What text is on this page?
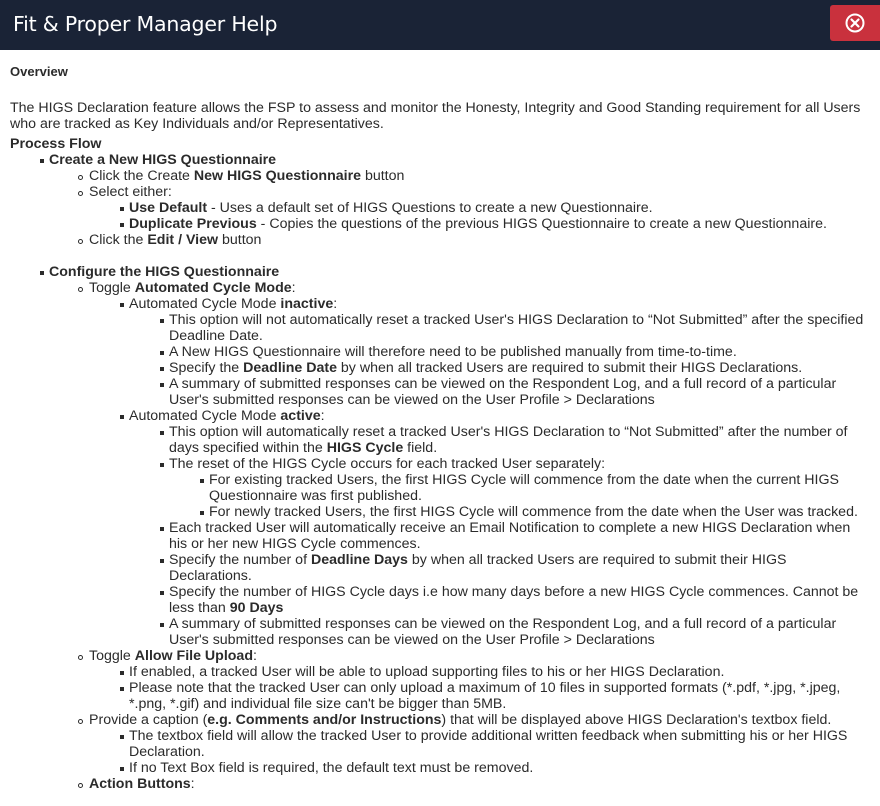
Fit & Proper Manager Help
Overview
The HIGS Declaration feature allows the FSP to assess and monitor the Honesty, Integrity and Good Standing requirement for all Users who are tracked as Key Individuals and/or Representatives.
Process Flow
Create a New HIGS Questionnaire
Click the Create New HIGS Questionnaire button
Select either:
Use Default - Uses a default set of HIGS Questions to create a new Questionnaire.
Duplicate Previous - Copies the questions of the previous HIGS Questionnaire to create a new Questionnaire.
Click the Edit / View button
Configure the HIGS Questionnaire
Toggle Automated Cycle Mode:
Automated Cycle Mode inactive:
This option will not automatically reset a tracked User's HIGS Declaration to “Not Submitted” after the specified Deadline Date.
A New HIGS Questionnaire will therefore need to be published manually from time-to-time.
Specify the Deadline Date by when all tracked Users are required to submit their HIGS Declarations.
A summary of submitted responses can be viewed on the Respondent Log, and a full record of a particular User's submitted responses can be viewed on the User Profile > Declarations
Automated Cycle Mode active:
This option will automatically reset a tracked User's HIGS Declaration to “Not Submitted” after the number of days specified within the HIGS Cycle field.
The reset of the HIGS Cycle occurs for each tracked User separately:
For existing tracked Users, the first HIGS Cycle will commence from the date when the current HIGS Questionnaire was first published.
For newly tracked Users, the first HIGS Cycle will commence from the date when the User was tracked.
Each tracked User will automatically receive an Email Notification to complete a new HIGS Declaration when his or her new HIGS Cycle commences.
Specify the number of Deadline Days by when all tracked Users are required to submit their HIGS Declarations.
Specify the number of HIGS Cycle days i.e how many days before a new HIGS Cycle commences. Cannot be less than 90 Days
A summary of submitted responses can be viewed on the Respondent Log, and a full record of a particular User's submitted responses can be viewed on the User Profile > Declarations
Toggle Allow File Upload:
If enabled, a tracked User will be able to upload supporting files to his or her HIGS Declaration.
Please note that the tracked User can only upload a maximum of 10 files in supported formats (*.pdf, *.jpg, *.jpeg, *.png, *.gif) and individual file size can't be bigger than 5MB.
Provide a caption (e.g. Comments and/or Instructions) that will be displayed above HIGS Declaration's textbox field.
The textbox field will allow the tracked User to provide additional written feedback when submitting his or her HIGS Declaration.
If no Text Box field is required, the default text must be removed.
Action Buttons:
